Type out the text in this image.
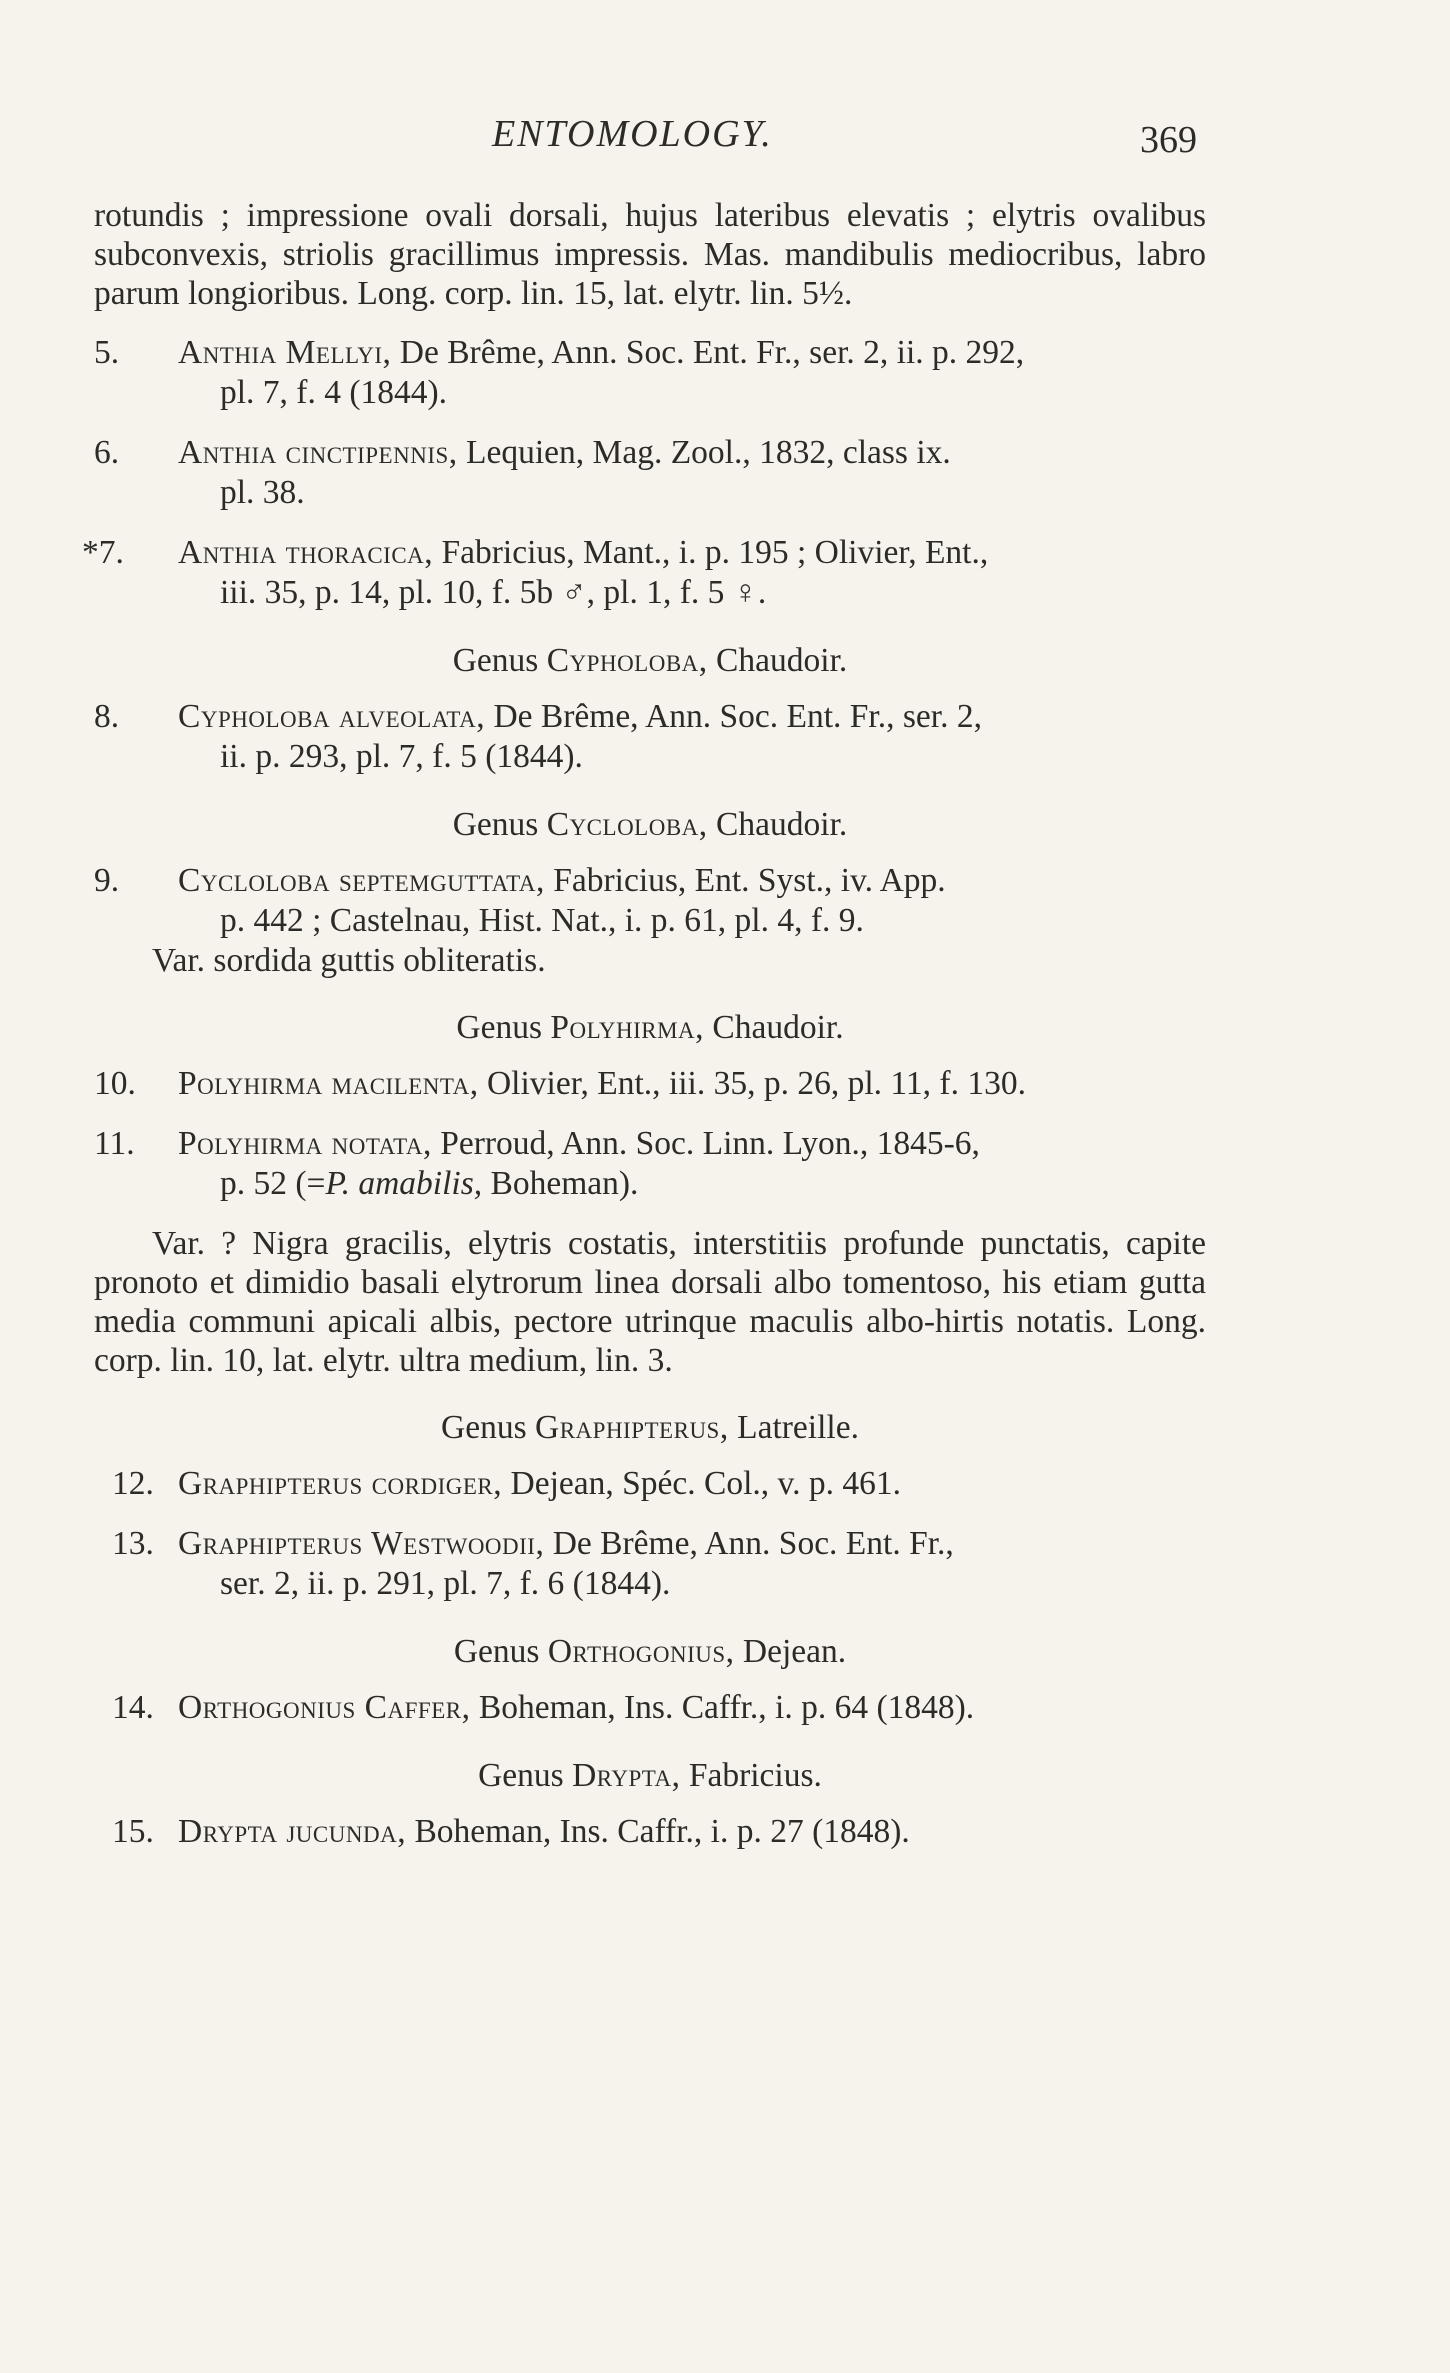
ENTOMOLOGY.	369

rotundis ; impressione ovali dorsali, hujus lateribus elevatis ; elytris ovalibus subconvexis, striolis gracillimus impressis. Mas. mandibulis mediocribus, labro parum longioribus. Long. corp. lin. 15, lat. elytr. lin. 5½.

5. Anthia Mellyi, De Brême, Ann. Soc. Ent. Fr., ser. 2, ii. p. 292,
pl. 7, f. 4 (1844).
6. Anthia cinctipennis, Lequien, Mag. Zool., 1832, class ix.
pl. 38.
*7. Anthia thoracica, Fabricius, Mant., i. p. 195 ; Olivier, Ent.,
iii. 35, p. 14, pl. 10, f. 5b ♂, pl. 1, f. 5 ♀.
Genus Cypholoba, Chaudoir.
8. Cypholoba alveolata, De Brême, Ann. Soc. Ent. Fr., ser. 2,
ii. p. 293, pl. 7, f. 5 (1844).
Genus Cycloloba, Chaudoir.
9. Cycloloba septemguttata, Fabricius, Ent. Syst., iv. App.
p. 442 ; Castelnau, Hist. Nat., i. p. 61, pl. 4, f. 9.
Var. sordida guttis obliteratis.
Genus Polyhirma, Chaudoir.
10. Polyhirma macilenta, Olivier, Ent., iii. 35, p. 26, pl. 11, f. 130.
11. Polyhirma notata, Perroud, Ann. Soc. Linn. Lyon., 1845-6,
p. 52 (=P. amabilis, Boheman).

Var. ? Nigra gracilis, elytris costatis, interstitiis profunde punctatis, capite pronoto et dimidio basali elytrorum linea dorsali albo tomentoso, his etiam gutta media communi apicali albis, pectore utrinque maculis albo-hirtis notatis. Long. corp. lin. 10, lat. elytr. ultra medium, lin. 3.

Genus Graphipterus, Latreille.
12. Graphipterus cordiger, Dejean, Spéc. Col., v. p. 461.
13. Graphipterus Westwoodii, De Brême, Ann. Soc. Ent. Fr.,
ser. 2, ii. p. 291, pl. 7, f. 6 (1844).
Genus Orthogonius, Dejean.
14. Orthogonius Caffer, Boheman, Ins. Caffr., i. p. 64 (1848).
Genus Drypta, Fabricius.
15. Drypta jucunda, Boheman, Ins. Caffr., i. p. 27 (1848).
